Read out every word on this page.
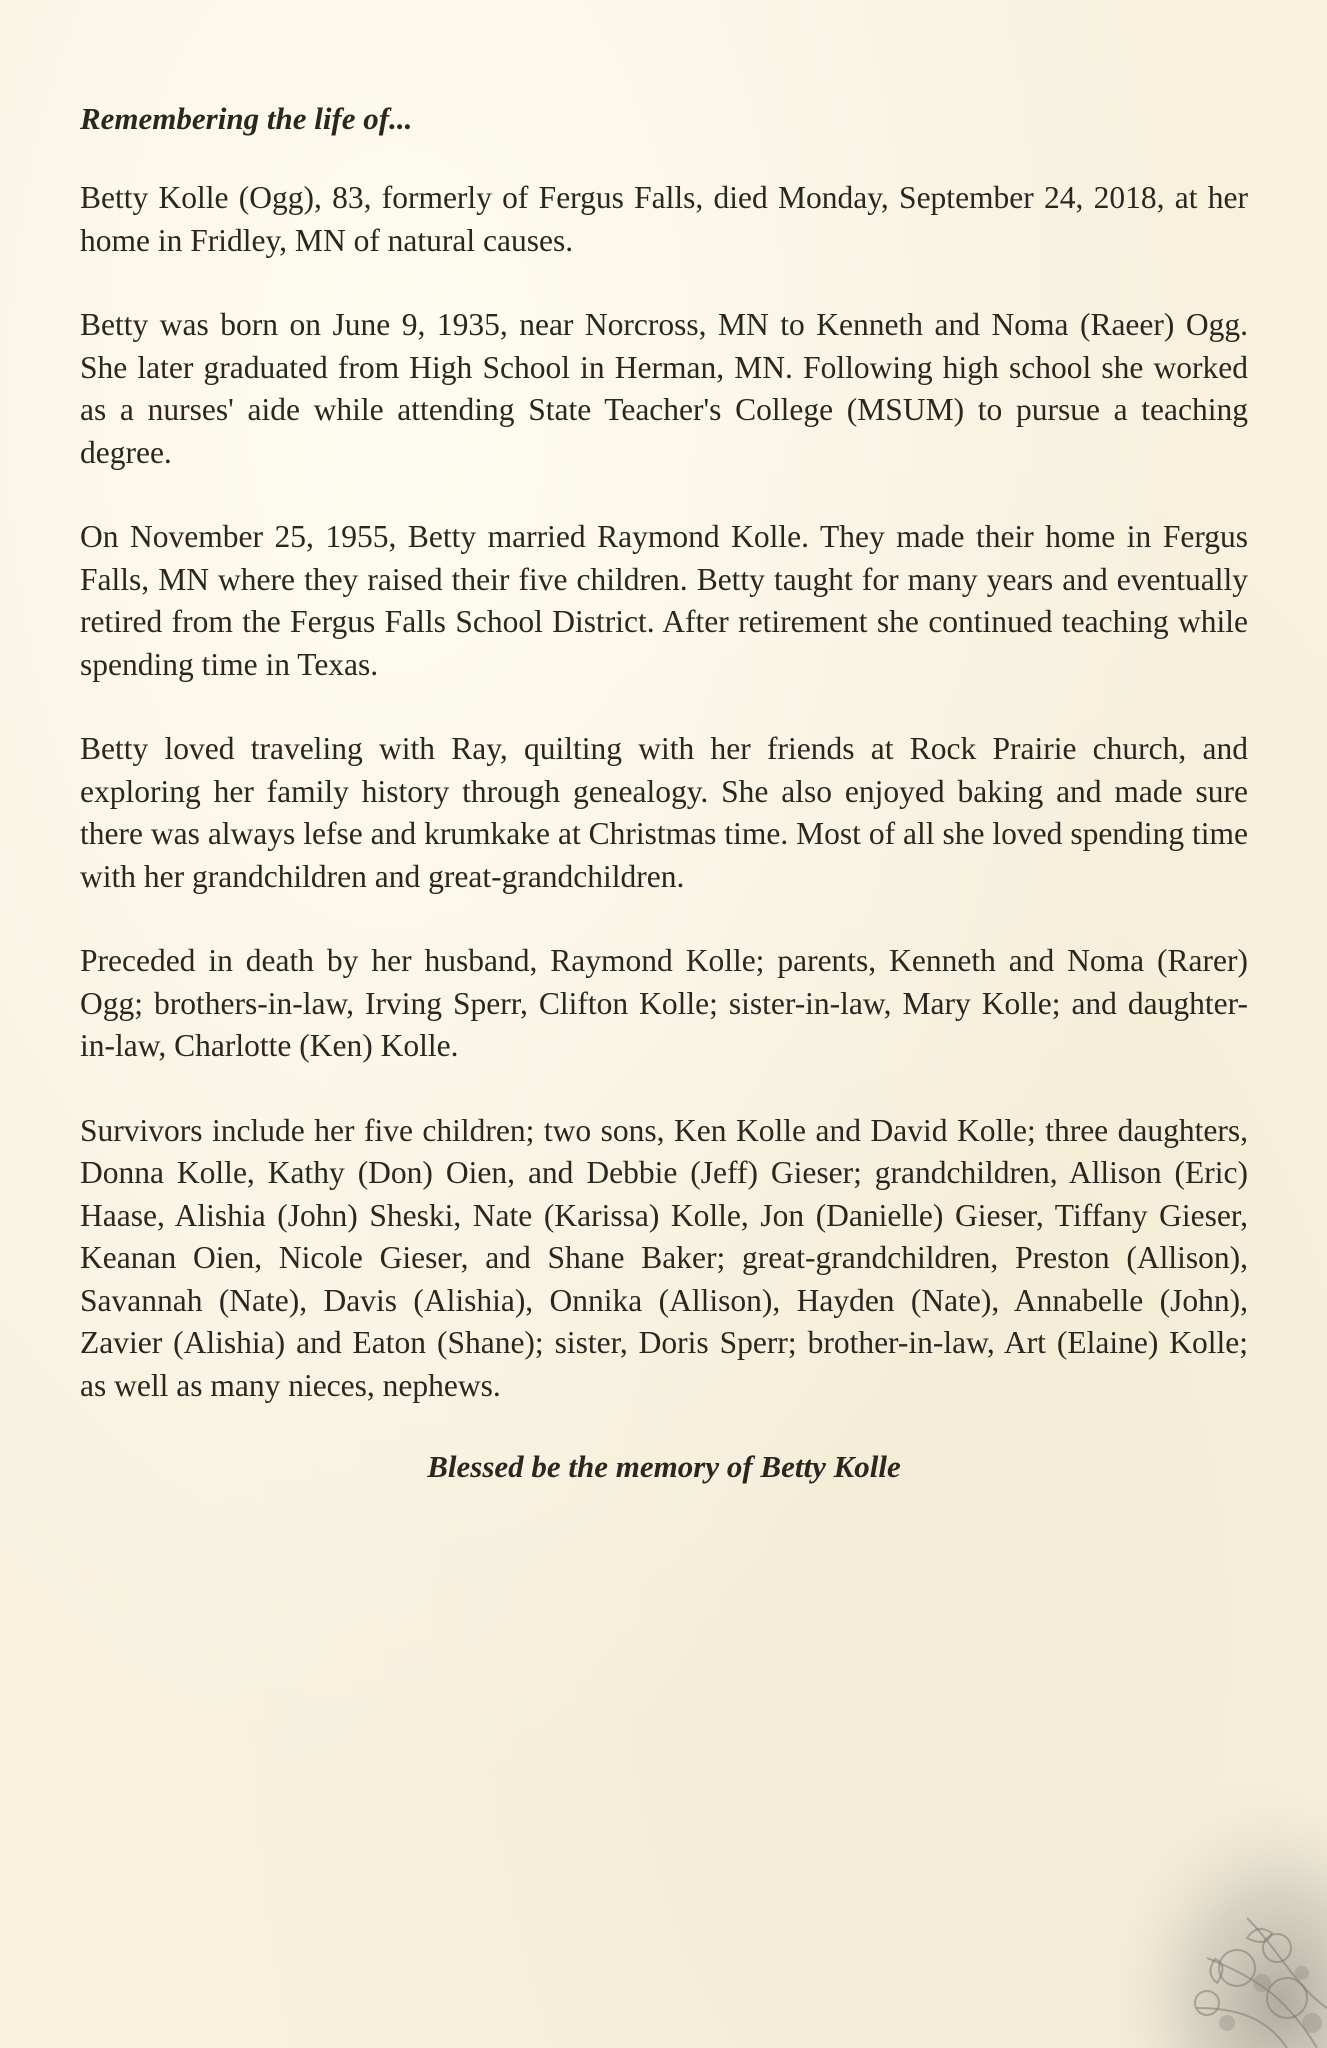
Remembering the life of...

Betty Kolle (Ogg), 83, formerly of Fergus Falls, died Monday, September 24, 2018, at her home in Fridley, MN of natural causes.

Betty was born on June 9, 1935, near Norcross, MN to Kenneth and Noma (Raeer) Ogg. She later graduated from High School in Herman, MN. Following high school she worked as a nurses' aide while attending State Teacher's College (MSUM) to pursue a teaching degree.

On November 25, 1955, Betty married Raymond Kolle. They made their home in Fergus Falls, MN where they raised their five children. Betty taught for many years and eventually retired from the Fergus Falls School District. After retirement she continued teaching while spending time in Texas.

Betty loved traveling with Ray, quilting with her friends at Rock Prairie church, and exploring her family history through genealogy. She also enjoyed baking and made sure there was always lefse and krumkake at Christmas time. Most of all she loved spending time with her grandchildren and great-grandchildren.

Preceded in death by her husband, Raymond Kolle; parents, Kenneth and Noma (Rarer) Ogg; brothers-in-law, Irving Sperr, Clifton Kolle; sister-in-law, Mary Kolle; and daughter-in-law, Charlotte (Ken) Kolle.

Survivors include her five children; two sons, Ken Kolle and David Kolle; three daughters, Donna Kolle, Kathy (Don) Oien, and Debbie (Jeff) Gieser; grandchildren, Allison (Eric) Haase, Alishia (John) Sheski, Nate (Karissa) Kolle, Jon (Danielle) Gieser, Tiffany Gieser, Keanan Oien, Nicole Gieser, and Shane Baker; great-grandchildren, Preston (Allison), Savannah (Nate), Davis (Alishia), Onnika (Allison), Hayden (Nate), Annabelle (John), Zavier (Alishia) and Eaton (Shane); sister, Doris Sperr; brother-in-law, Art (Elaine) Kolle; as well as many nieces, nephews.

Blessed be the memory of Betty Kolle
